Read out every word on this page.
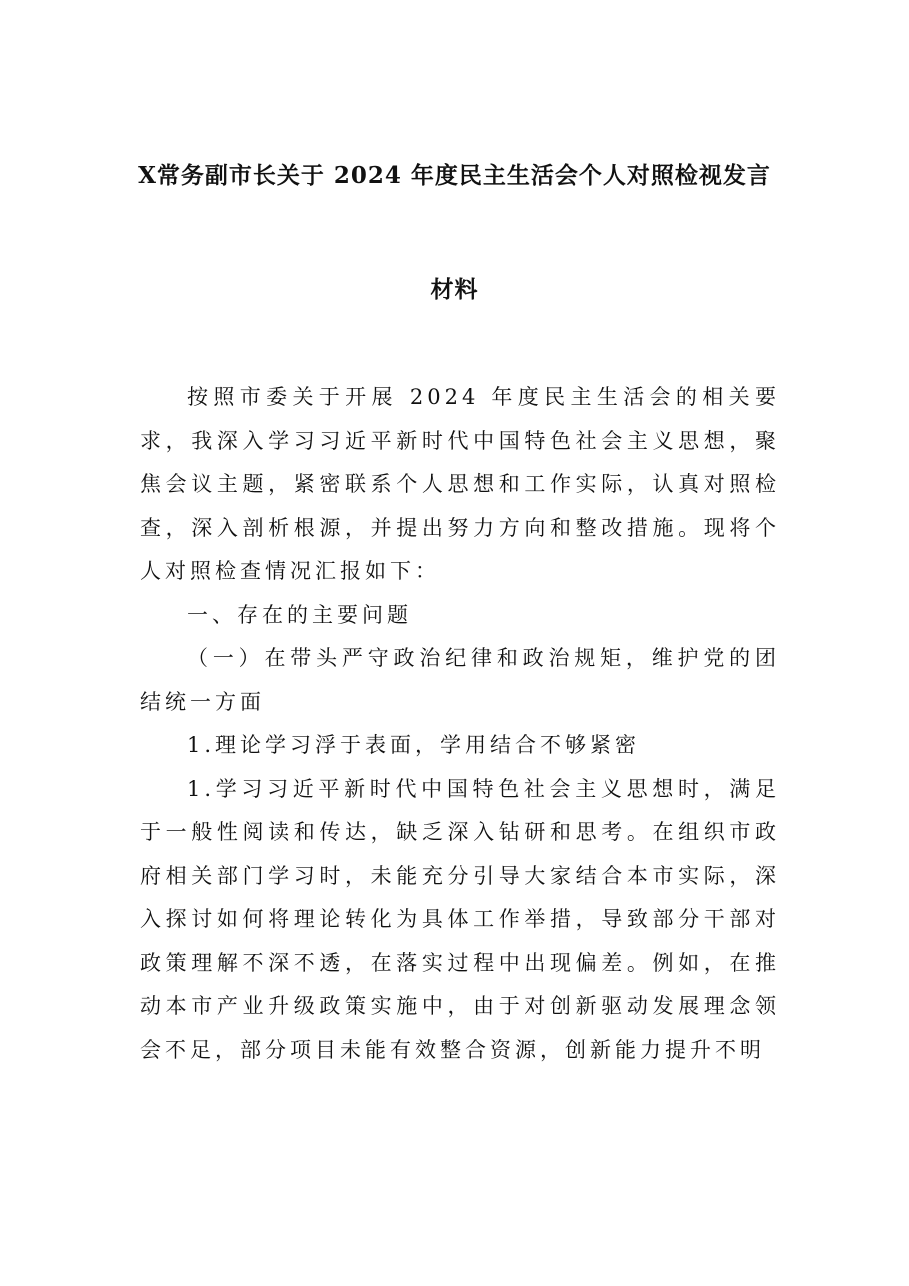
X常务副市长关于 2024 年度民主生活会个人对照检视发言
材料

按照市委关于开展 2024 年度民主生活会的相关要求，我深入学习习近平新时代中国特色社会主义思想，聚焦会议主题，紧密联系个人思想和工作实际，认真对照检查，深入剖析根源，并提出努力方向和整改措施。现将个人对照检查情况汇报如下：

一、存在的主要问题

（一）在带头严守政治纪律和政治规矩，维护党的团结统一方面

1.理论学习浮于表面，学用结合不够紧密

1.学习习近平新时代中国特色社会主义思想时，满足于一般性阅读和传达，缺乏深入钻研和思考。在组织市政府相关部门学习时，未能充分引导大家结合本市实际，深入探讨如何将理论转化为具体工作举措，导致部分干部对政策理解不深不透，在落实过程中出现偏差。例如，在推动本市产业升级政策实施中，由于对创新驱动发展理念领会不足，部分项目未能有效整合资源，创新能力提升不明
